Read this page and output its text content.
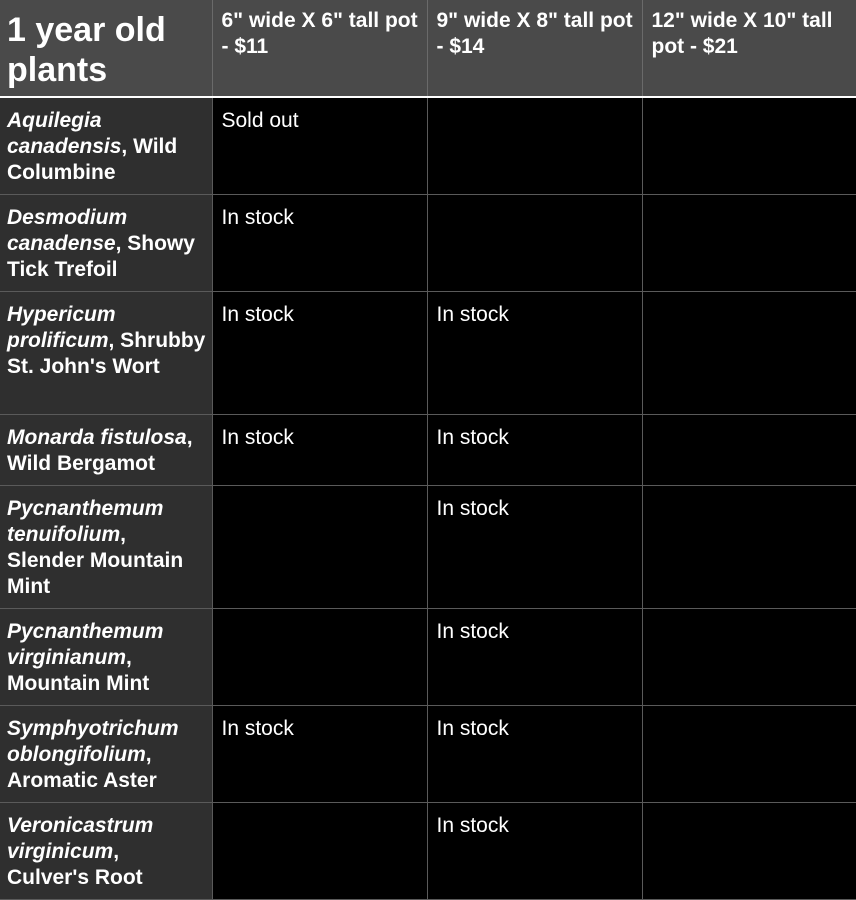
1 year old plants	6" wide X 6" tall pot - $11	9" wide X 8" tall pot - $14	12" wide X 10" tall pot - $21
Aquilegia canadensis, Wild Columbine	Sold out		
Desmodium canadense, Showy Tick Trefoil	In stock		
Hypericum prolificum, Shrubby St. John's Wort	In stock	In stock	
Monarda fistulosa, Wild Bergamot	In stock	In stock	
Pycnanthemum tenuifolium, Slender Mountain Mint		In stock	
Pycnanthemum virginianum, Mountain Mint		In stock	
Symphyotrichum oblongifolium, Aromatic Aster	In stock	In stock	
Veronicastrum virginicum, Culver's Root		In stock	
